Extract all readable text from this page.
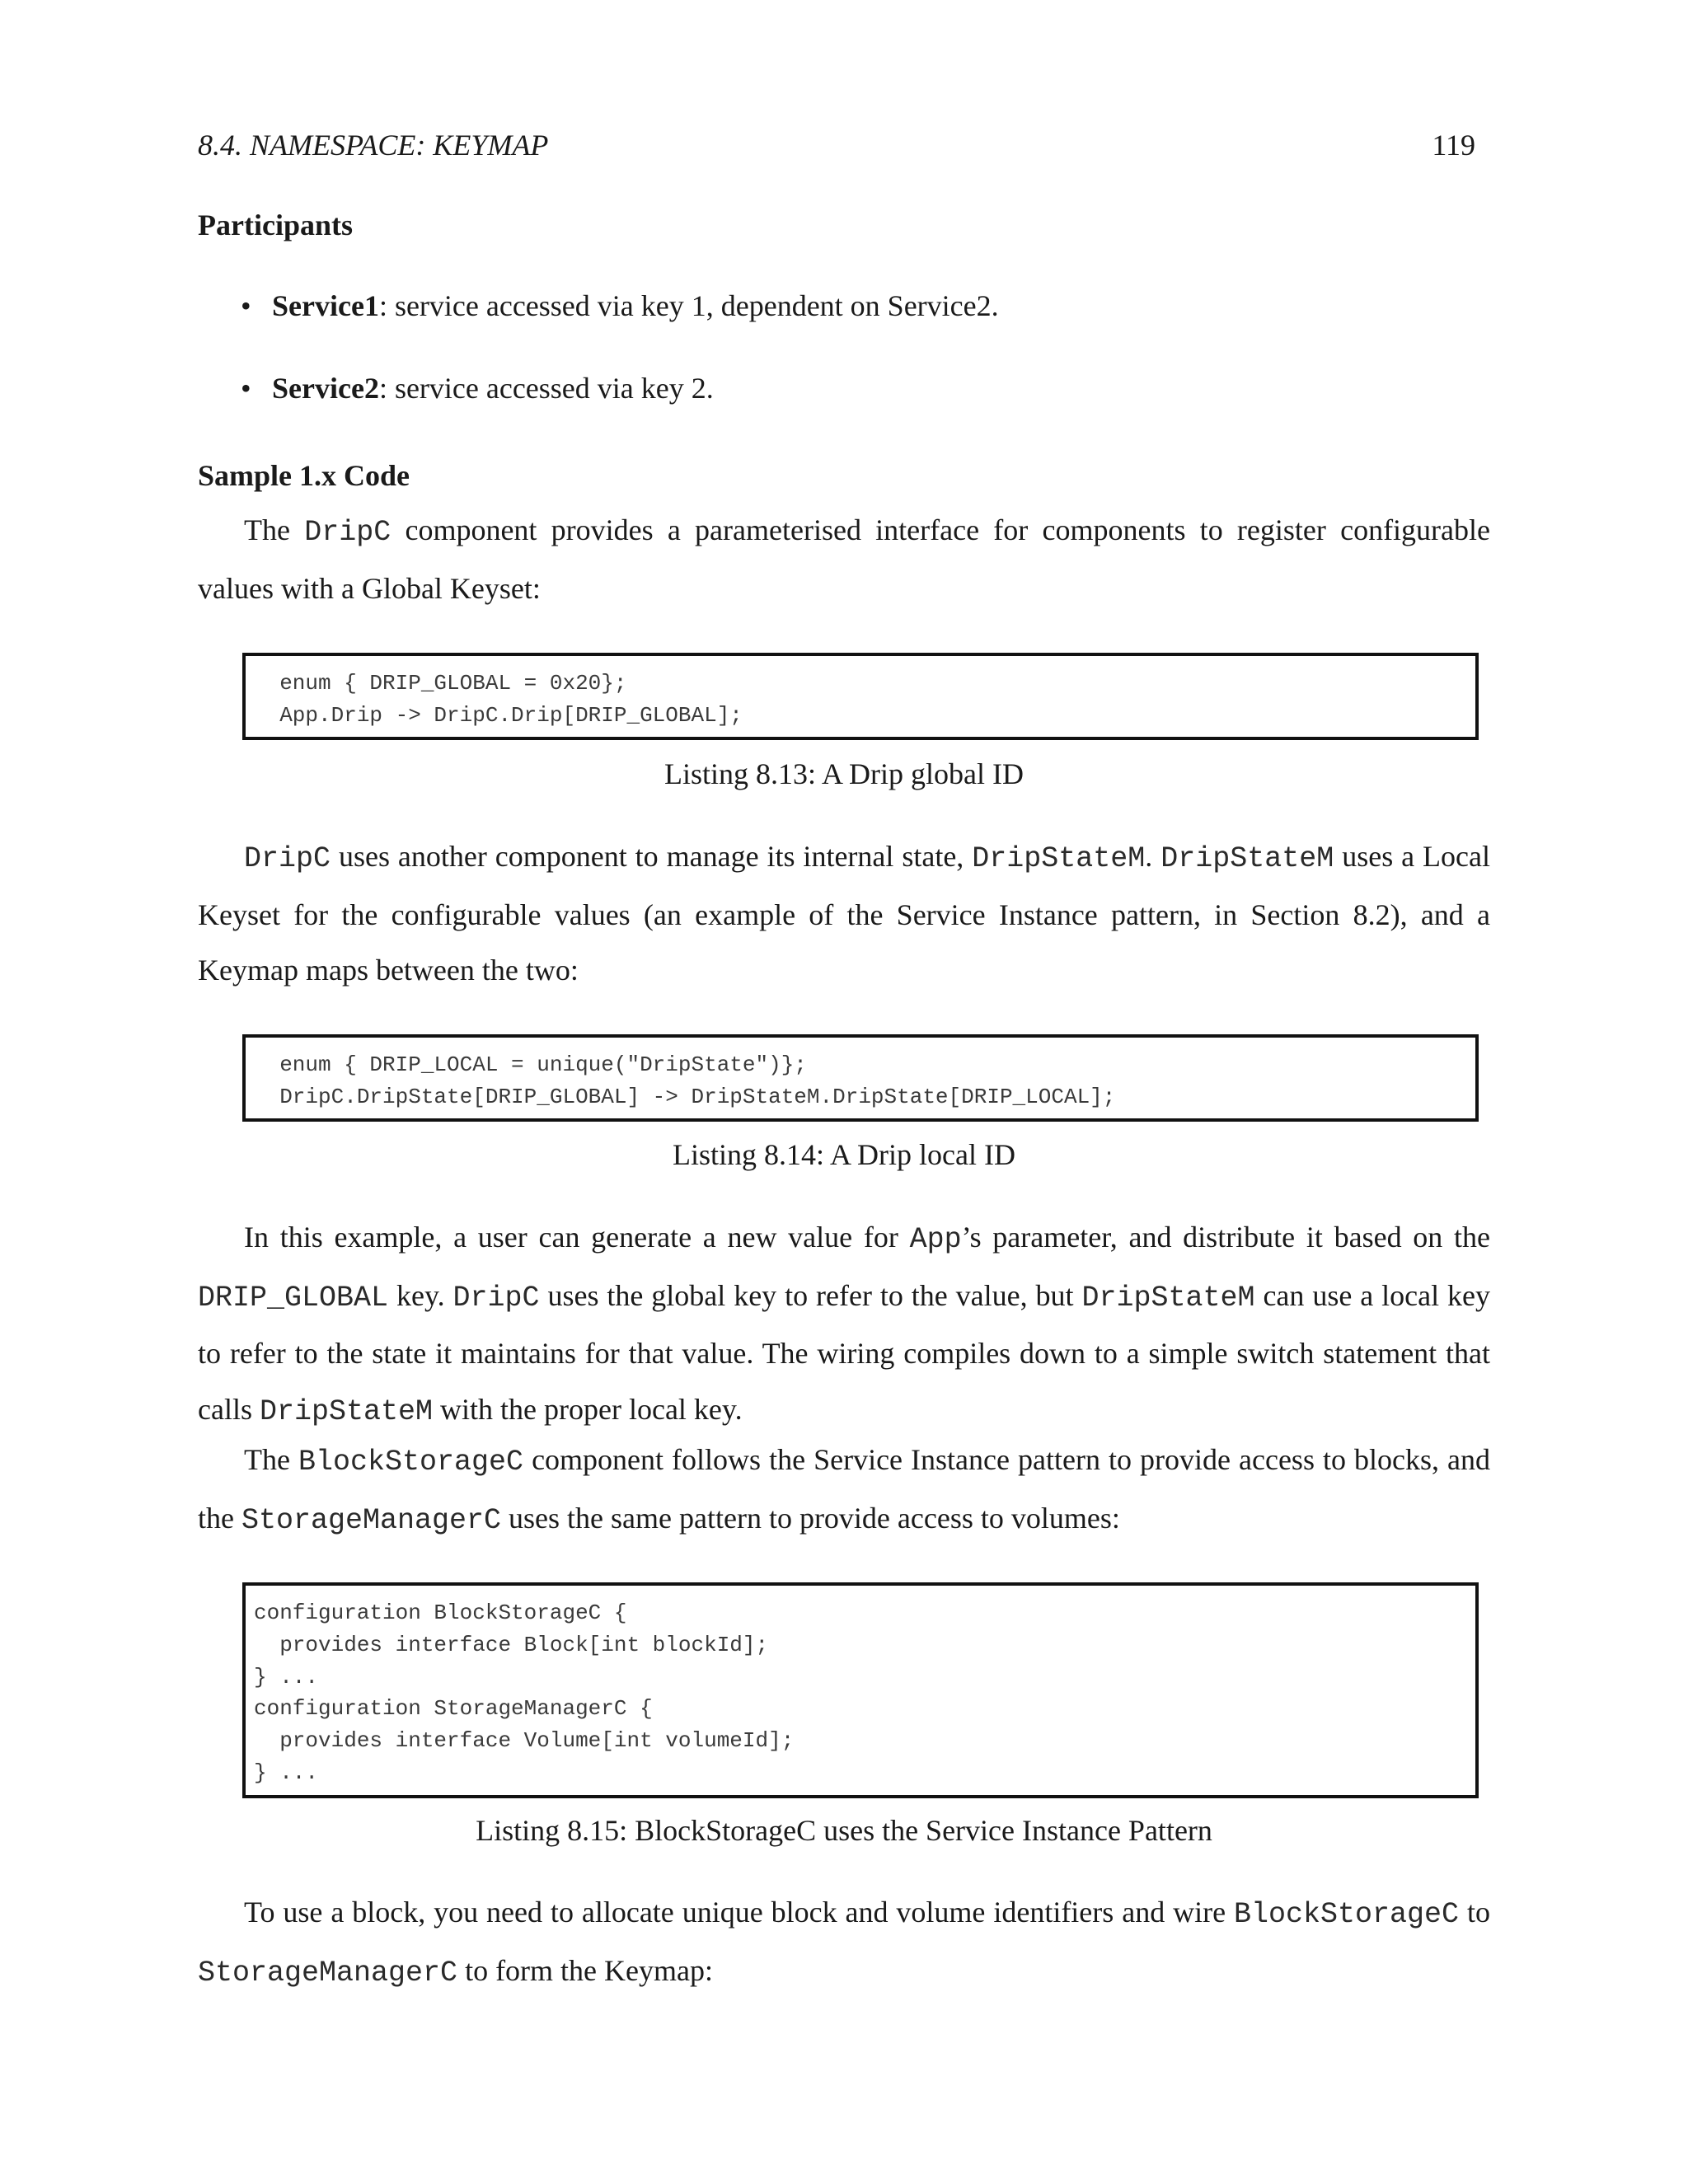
8.4. NAMESPACE: KEYMAP	119
Participants
• Service1: service accessed via key 1, dependent on Service2.
• Service2: service accessed via key 2.
Sample 1.x Code

The DripC component provides a parameterised interface for components to register configurable values with a Global Keyset:

enum { DRIP_GLOBAL = 0x20};
App.Drip -> DripC.Drip[DRIP_GLOBAL];
Listing 8.13: A Drip global ID

DripC uses another component to manage its internal state, DripStateM. DripStateM uses a Local Keyset for the configurable values (an example of the Service Instance pattern, in Section 8.2), and a Keymap maps between the two:

enum { DRIP_LOCAL = unique("DripState")};
DripC.DripState[DRIP_GLOBAL] -> DripStateM.DripState[DRIP_LOCAL];
Listing 8.14: A Drip local ID

In this example, a user can generate a new value for App’s parameter, and distribute it based on the DRIP_GLOBAL key. DripC uses the global key to refer to the value, but DripStateM can use a local key to refer to the state it maintains for that value. The wiring compiles down to a simple switch statement that calls DripStateM with the proper local key.

The BlockStorageC component follows the Service Instance pattern to provide access to blocks, and the StorageManagerC uses the same pattern to provide access to volumes:

configuration BlockStorageC {
provides interface Block[int blockId];
} ...
configuration StorageManagerC {
provides interface Volume[int volumeId];
} ...
Listing 8.15: BlockStorageC uses the Service Instance Pattern

To use a block, you need to allocate unique block and volume identifiers and wire BlockStorageC to StorageManagerC to form the Keymap:
